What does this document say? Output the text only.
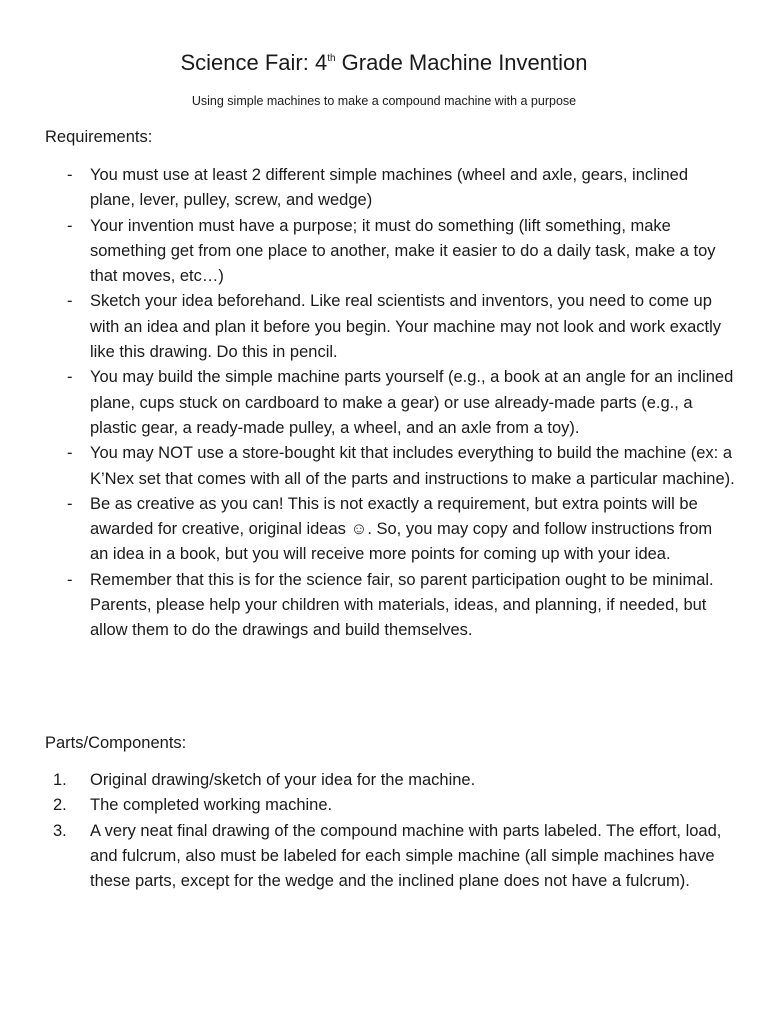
Science Fair: 4th Grade Machine Invention
Using simple machines to make a compound machine with a purpose
Requirements:
- You must use at least 2 different simple machines (wheel and axle, gears, inclined plane, lever, pulley, screw, and wedge)
- Your invention must have a purpose; it must do something (lift something, make something get from one place to another, make it easier to do a daily task, make a toy that moves, etc…)
- Sketch your idea beforehand. Like real scientists and inventors, you need to come up with an idea and plan it before you begin. Your machine may not look and work exactly like this drawing. Do this in pencil.
- You may build the simple machine parts yourself (e.g., a book at an angle for an inclined plane, cups stuck on cardboard to make a gear) or use already-made parts (e.g., a plastic gear, a ready-made pulley, a wheel, and an axle from a toy).
- You may NOT use a store-bought kit that includes everything to build the machine (ex: a K’Nex set that comes with all of the parts and instructions to make a particular machine).
- Be as creative as you can! This is not exactly a requirement, but extra points will be awarded for creative, original ideas ☺. So, you may copy and follow instructions from an idea in a book, but you will receive more points for coming up with your idea.
- Remember that this is for the science fair, so parent participation ought to be minimal. Parents, please help your children with materials, ideas, and planning, if needed, but allow them to do the drawings and build themselves.
Parts/Components:
1. Original drawing/sketch of your idea for the machine.
2. The completed working machine.
3. A very neat final drawing of the compound machine with parts labeled. The effort, load, and fulcrum, also must be labeled for each simple machine (all simple machines have these parts, except for the wedge and the inclined plane does not have a fulcrum).
